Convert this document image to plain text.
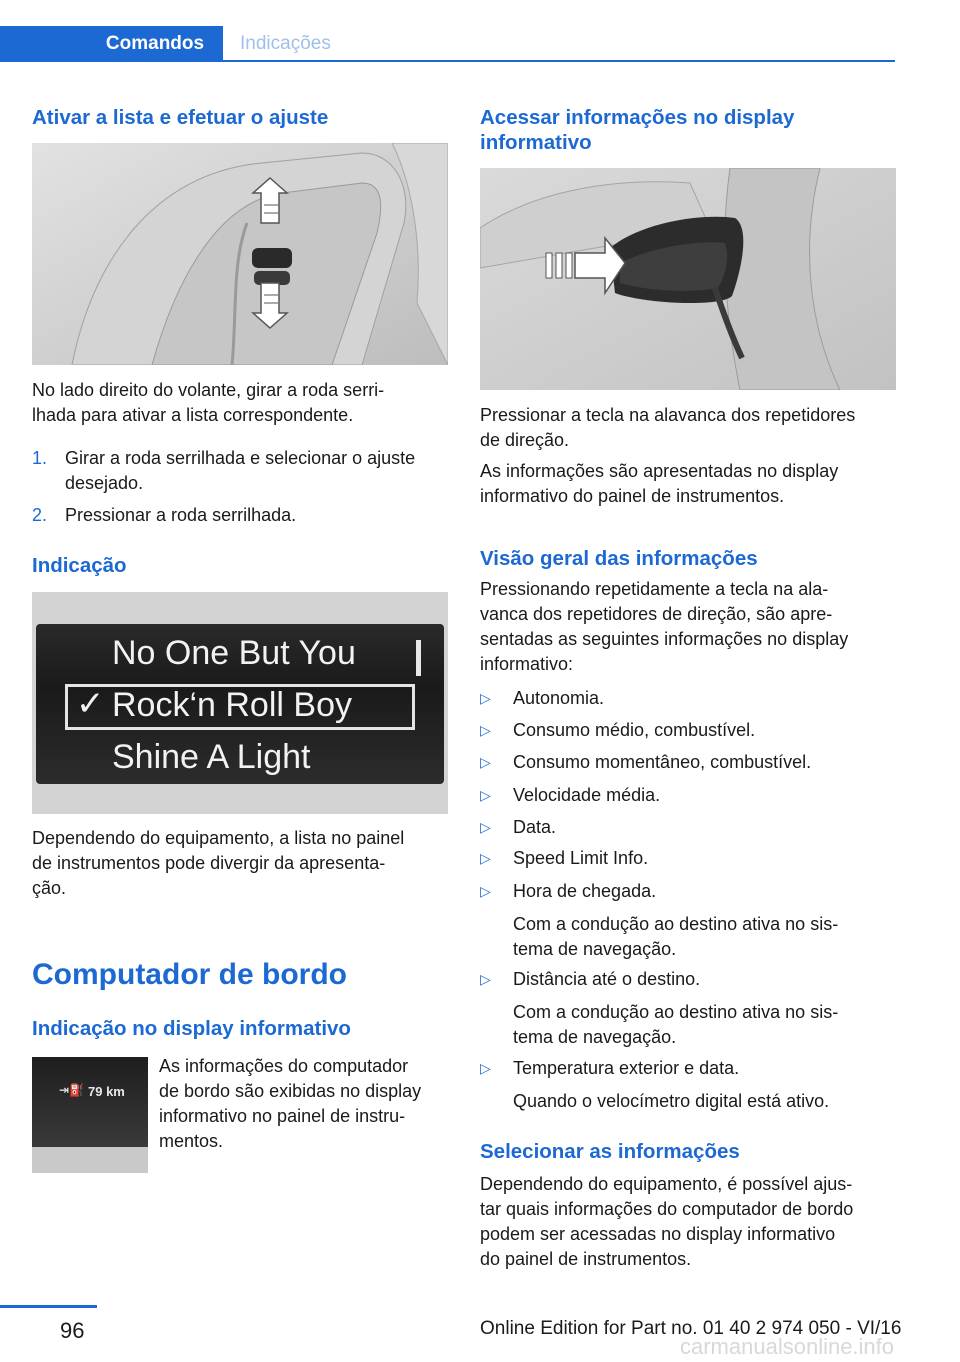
Comandos	Indicações
Ativar a lista e efetuar o ajuste
No lado direito do volante, girar a roda serri-
lhada para ativar a lista correspondente.
1. Girar a roda serrilhada e selecionar o ajuste
desejado.
2. Pressionar a roda serrilhada.
Indicação
No One But You
✓ Rock‘n Roll Boy
Shine A Light
Dependendo do equipamento, a lista no painel
de instrumentos pode divergir da apresenta-
ção.
Computador de bordo
Indicação no display informativo
⇥⛽ 79 km
As informações do computador
de bordo são exibidas no display
informativo no painel de instru-
mentos.
Acessar informações no display
informativo
Pressionar a tecla na alavanca dos repetidores
de direção.
As informações são apresentadas no display
informativo do painel de instrumentos.
Visão geral das informações
Pressionando repetidamente a tecla na ala-
vanca dos repetidores de direção, são apre-
sentadas as seguintes informações no display
informativo:
▷ Autonomia.
▷ Consumo médio, combustível.
▷ Consumo momentâneo, combustível.
▷ Velocidade média.
▷ Data.
▷ Speed Limit Info.
▷ Hora de chegada.
Com a condução ao destino ativa no sis-
tema de navegação.
▷ Distância até o destino.
Com a condução ao destino ativa no sis-
tema de navegação.
▷ Temperatura exterior e data.
Quando o velocímetro digital está ativo.
Selecionar as informações
Dependendo do equipamento, é possível ajus-
tar quais informações do computador de bordo
podem ser acessadas no display informativo
do painel de instrumentos.
96	Online Edition for Part no. 01 40 2 974 050 - VI/16
carmanualsonline.info
